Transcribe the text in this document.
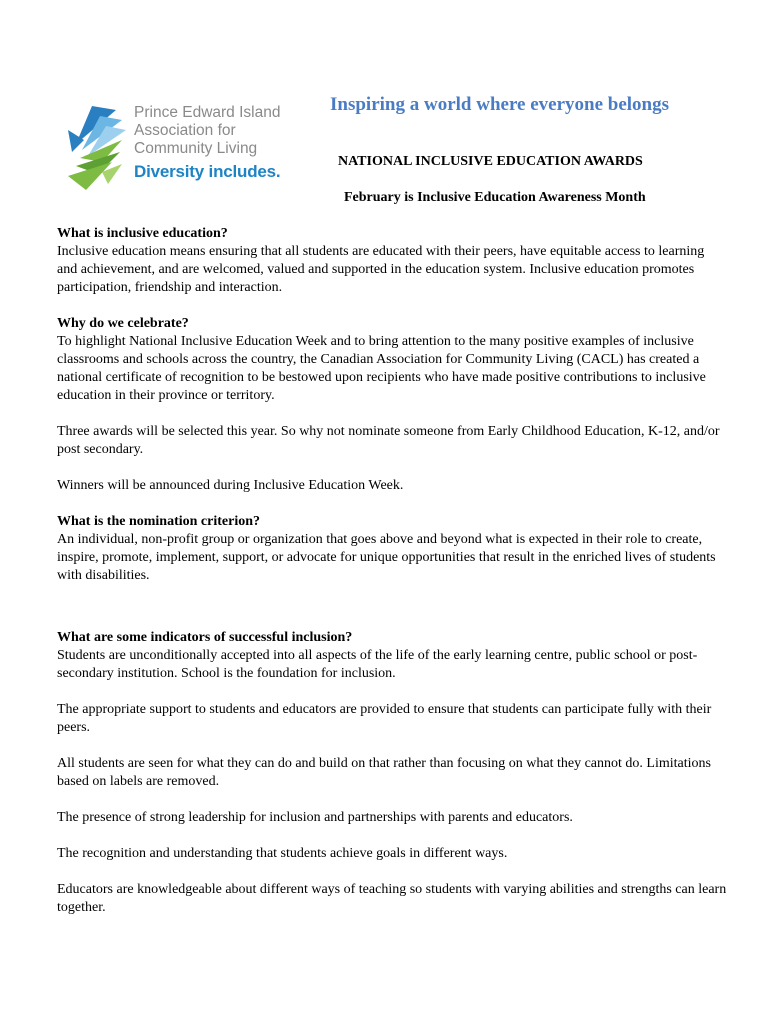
Prince Edward Island
Association for
Community Living
Diversity includes.
Inspiring a world where everyone belongs
NATIONAL INCLUSIVE EDUCATION AWARDS
February is Inclusive Education Awareness Month
What is inclusive education?

Inclusive education means ensuring that all students are educated with their peers, have equitable access to learning and achievement, and are welcomed, valued and supported in the education system. Inclusive education promotes participation, friendship and interaction.

Why do we celebrate?

To highlight National Inclusive Education Week and to bring attention to the many positive examples of inclusive classrooms and schools across the country, the Canadian Association for Community Living (CACL) has created a national certificate of recognition to be bestowed upon recipients who have made positive contributions to inclusive education in their province or territory.

Three awards will be selected this year. So why not nominate someone from Early Childhood Education, K-12, and/or post secondary.

Winners will be announced during Inclusive Education Week.

What is the nomination criterion?

An individual, non-profit group or organization that goes above and beyond what is expected in their role to create, inspire, promote, implement, support, or advocate for unique opportunities that result in the enriched lives of students with disabilities.

What are some indicators of successful inclusion?

Students are unconditionally accepted into all aspects of the life of the early learning centre, public school or post-secondary institution. School is the foundation for inclusion.

The appropriate support to students and educators are provided to ensure that students can participate fully with their peers.

All students are seen for what they can do and build on that rather than focusing on what they cannot do. Limitations based on labels are removed.

The presence of strong leadership for inclusion and partnerships with parents and educators.

The recognition and understanding that students achieve goals in different ways.

Educators are knowledgeable about different ways of teaching so students with varying abilities and strengths can learn together.
